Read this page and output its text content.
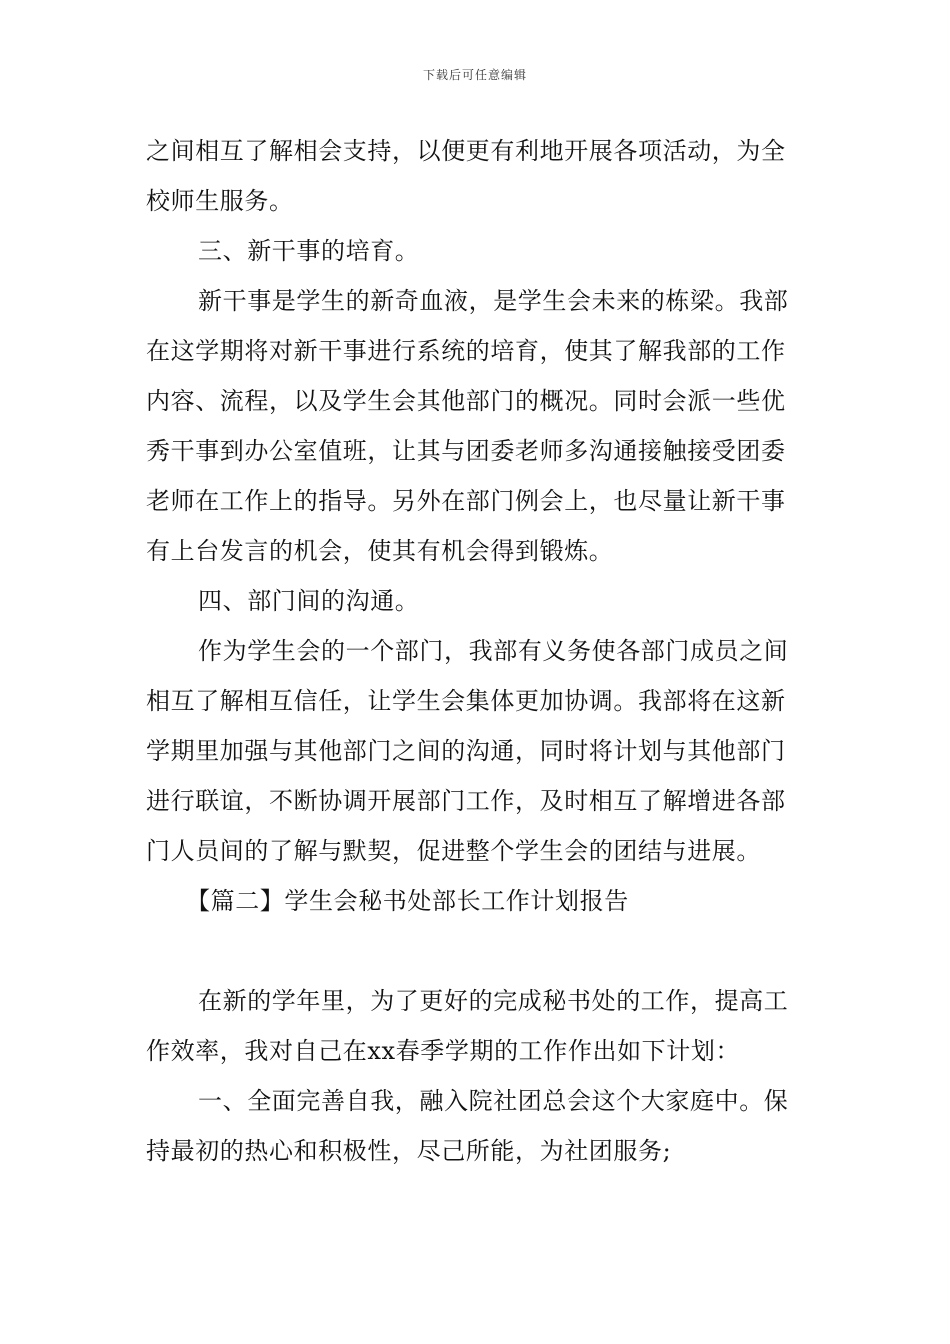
下载后可任意编辑

之间相互了解相会支持，以便更有利地开展各项活动，为全校师生服务。

三、新干事的培育。

新干事是学生的新奇血液，是学生会未来的栋梁。我部在这学期将对新干事进行系统的培育，使其了解我部的工作内容、流程，以及学生会其他部门的概况。同时会派一些优秀干事到办公室值班，让其与团委老师多沟通接触接受团委老师在工作上的指导。另外在部门例会上，也尽量让新干事有上台发言的机会，使其有机会得到锻炼。

四、部门间的沟通。

作为学生会的一个部门，我部有义务使各部门成员之间相互了解相互信任，让学生会集体更加协调。我部将在这新学期里加强与其他部门之间的沟通，同时将计划与其他部门进行联谊，不断协调开展部门工作，及时相互了解增进各部门人员间的了解与默契，促进整个学生会的团结与进展。

【篇二】学生会秘书处部长工作计划报告

在新的学年里，为了更好的完成秘书处的工作，提高工作效率，我对自己在xx春季学期的工作作出如下计划：

一、全面完善自我，融入院社团总会这个大家庭中。保持最初的热心和积极性，尽己所能，为社团服务;
